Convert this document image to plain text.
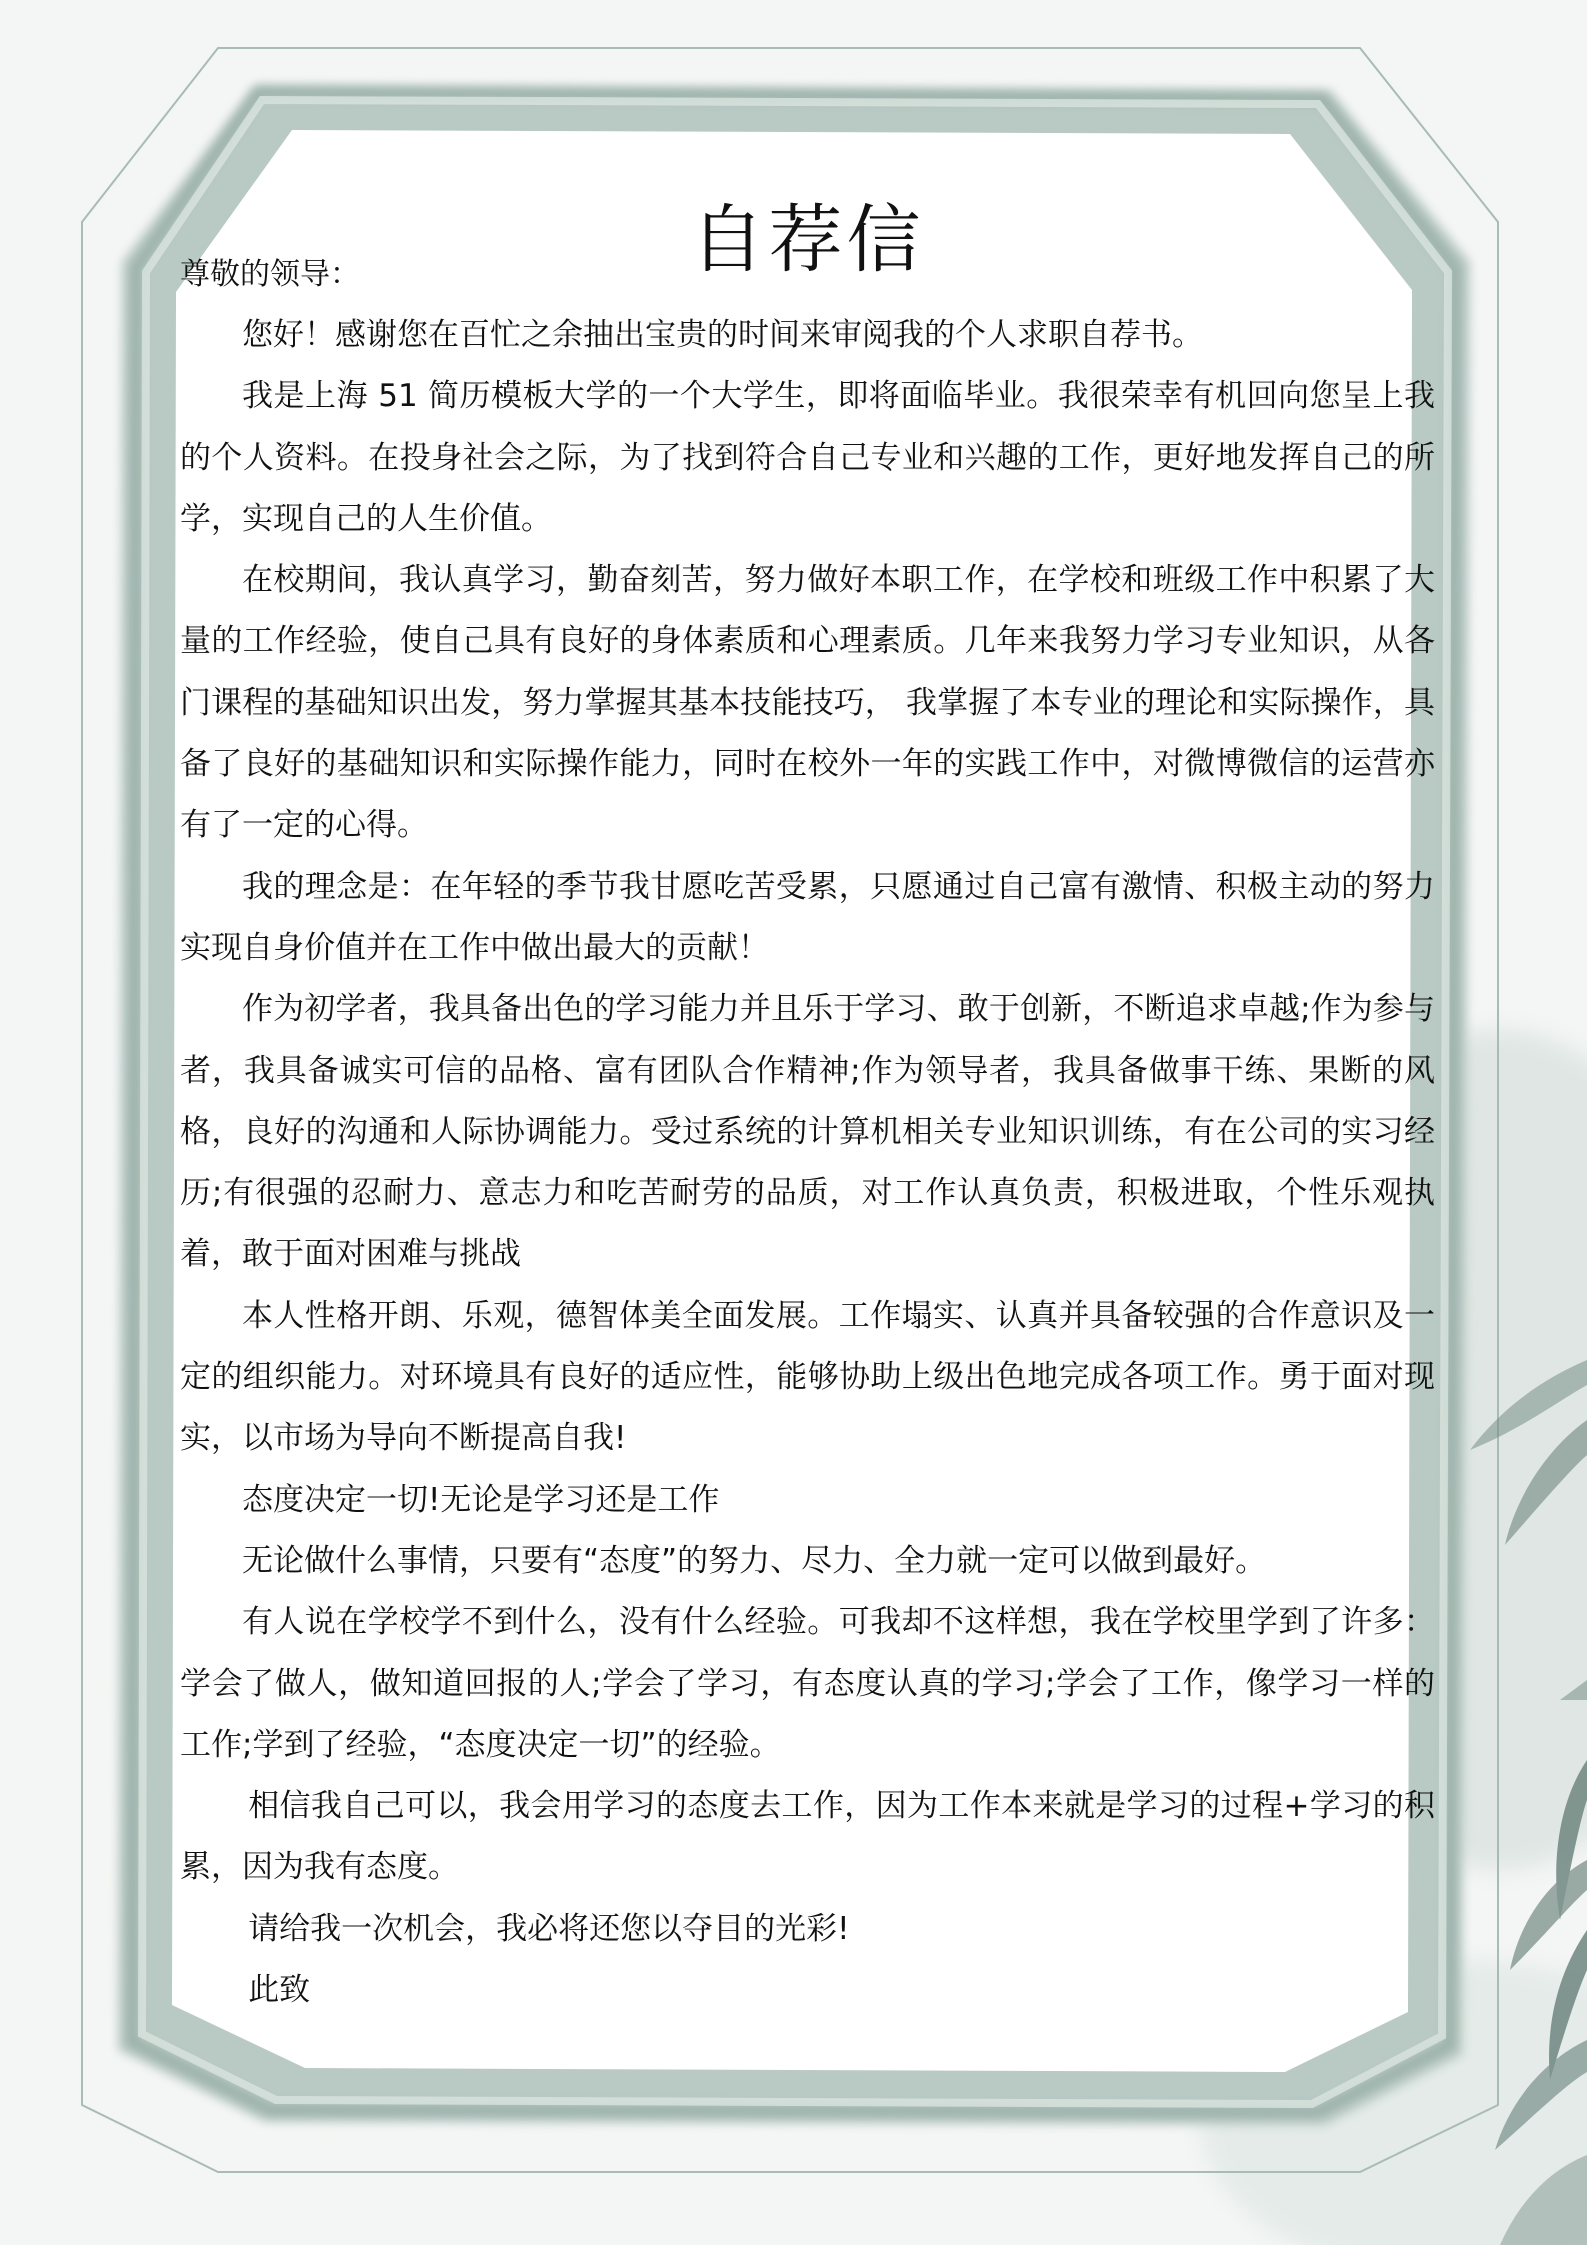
自荐信

尊敬的领导：

您好！感谢您在百忙之余抽出宝贵的时间来审阅我的个人求职自荐书。

我是上海 51 简历模板大学的一个大学生，即将面临毕业。我很荣幸有机回向您呈上我的个人资料。在投身社会之际，为了找到符合自己专业和兴趣的工作，更好地发挥自己的所学，实现自己的人生价值。

在校期间，我认真学习，勤奋刻苦，努力做好本职工作，在学校和班级工作中积累了大量的工作经验，使自己具有良好的身体素质和心理素质。几年来我努力学习专业知识，从各门课程的基础知识出发，努力掌握其基本技能技巧， 我掌握了本专业的理论和实际操作，具备了良好的基础知识和实际操作能力，同时在校外一年的实践工作中，对微博微信的运营亦有了一定的心得。

我的理念是：在年轻的季节我甘愿吃苦受累，只愿通过自己富有激情、积极主动的努力实现自身价值并在工作中做出最大的贡献！

作为初学者，我具备出色的学习能力并且乐于学习、敢于创新，不断追求卓越;作为参与者，我具备诚实可信的品格、富有团队合作精神;作为领导者，我具备做事干练、果断的风格，良好的沟通和人际协调能力。受过系统的计算机相关专业知识训练，有在公司的实习经历;有很强的忍耐力、意志力和吃苦耐劳的品质，对工作认真负责，积极进取，个性乐观执着，敢于面对困难与挑战

本人性格开朗、乐观，德智体美全面发展。工作塌实、认真并具备较强的合作意识及一定的组织能力。对环境具有良好的适应性，能够协助上级出色地完成各项工作。勇于面对现实，以市场为导向不断提高自我!

态度决定一切!无论是学习还是工作

无论做什么事情，只要有“态度”的努力、尽力、全力就一定可以做到最好。

有人说在学校学不到什么，没有什么经验。可我却不这样想，我在学校里学到了许多：学会了做人，做知道回报的人;学会了学习，有态度认真的学习;学会了工作，像学习一样的工作;学到了经验，“态度决定一切”的经验。

相信我自己可以，我会用学习的态度去工作，因为工作本来就是学习的过程+学习的积累，因为我有态度。

请给我一次机会，我必将还您以夺目的光彩!

此致
